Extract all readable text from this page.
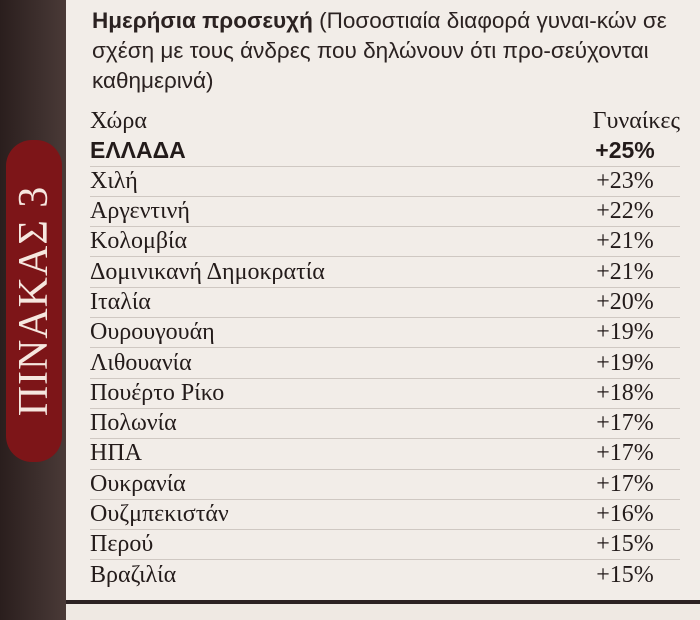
ΠΙΝΑΚΑΣ 3
Ημερήσια προσευχή (Ποσοστιαία διαφορά γυναι-κών σε σχέση με τους άνδρες που δηλώνουν ότι προ-σεύχονται καθημερινά)
Χώρα	Γυναίκες
ΕΛΛΑΔΑ	+25%
Χιλή	+23%
Αργεντινή	+22%
Κολομβία	+21%
Δομινικανή Δημοκρατία	+21%
Ιταλία	+20%
Ουρουγουάη	+19%
Λιθουανία	+19%
Πουέρτο Ρίκο	+18%
Πολωνία	+17%
ΗΠΑ	+17%
Ουκρανία	+17%
Ουζμπεκιστάν	+16%
Περού	+15%
Βραζιλία	+15%
